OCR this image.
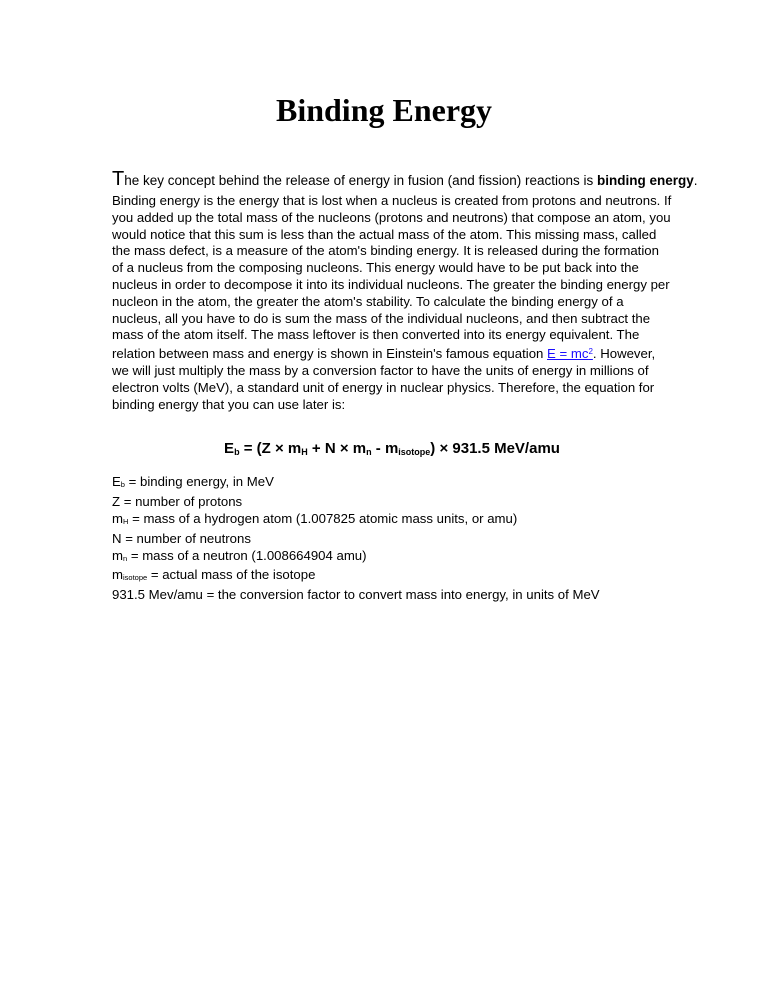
Binding Energy
The key concept behind the release of energy in fusion (and fission) reactions is binding energy.

Binding energy is the energy that is lost when a nucleus is created from protons and neutrons. If you added up the total mass of the nucleons (protons and neutrons) that compose an atom, you would notice that this sum is less than the actual mass of the atom. This missing mass, called the mass defect, is a measure of the atom's binding energy. It is released during the formation of a nucleus from the composing nucleons. This energy would have to be put back into the nucleus in order to decompose it into its individual nucleons. The greater the binding energy per nucleon in the atom, the greater the atom's stability. To calculate the binding energy of a nucleus, all you have to do is sum the mass of the individual nucleons, and then subtract the mass of the atom itself. The mass leftover is then converted into its energy equivalent. The relation between mass and energy is shown in Einstein's famous equation E = mc$^2$. However, we will just multiply the mass by a conversion factor to have the units of energy in millions of electron volts (MeV), a standard unit of energy in nuclear physics. Therefore, the equation for binding energy that you can use later is:

$E_b = (Z \times m_H + N \times m_n - m_{isotope}) \times 931.5$ MeV/amu
$E_b$ = binding energy, in MeV
Z = number of protons
$m_H$ = mass of a hydrogen atom (1.007825 atomic mass units, or amu)
N = number of neutrons
$m_n$ = mass of a neutron (1.008664904 amu)
$m_{isotope}$ = actual mass of the isotope
931.5 Mev/amu = the conversion factor to convert mass into energy, in units of MeV
